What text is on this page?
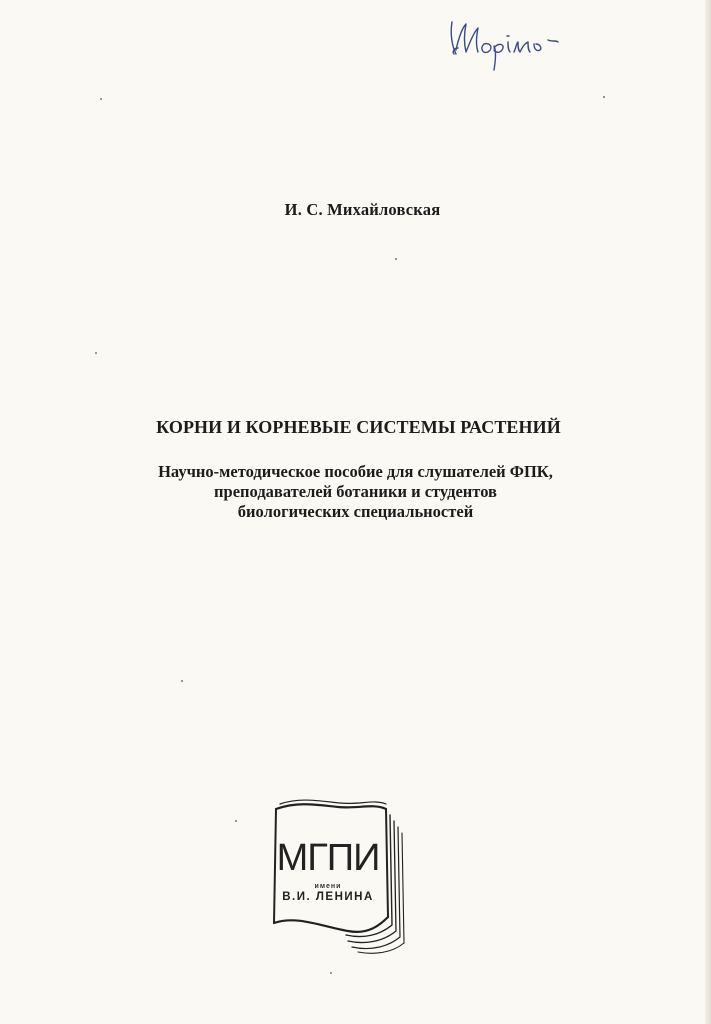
И. С. Михайловская
КОРНИ И КОРНЕВЫЕ СИСТЕМЫ РАСТЕНИЙ
Научно-методическое пособие для слушателей ФПК,
преподавателей ботаники и студентов
биологических специальностей
МГПИ
имени
В.И. ЛЕНИНА
